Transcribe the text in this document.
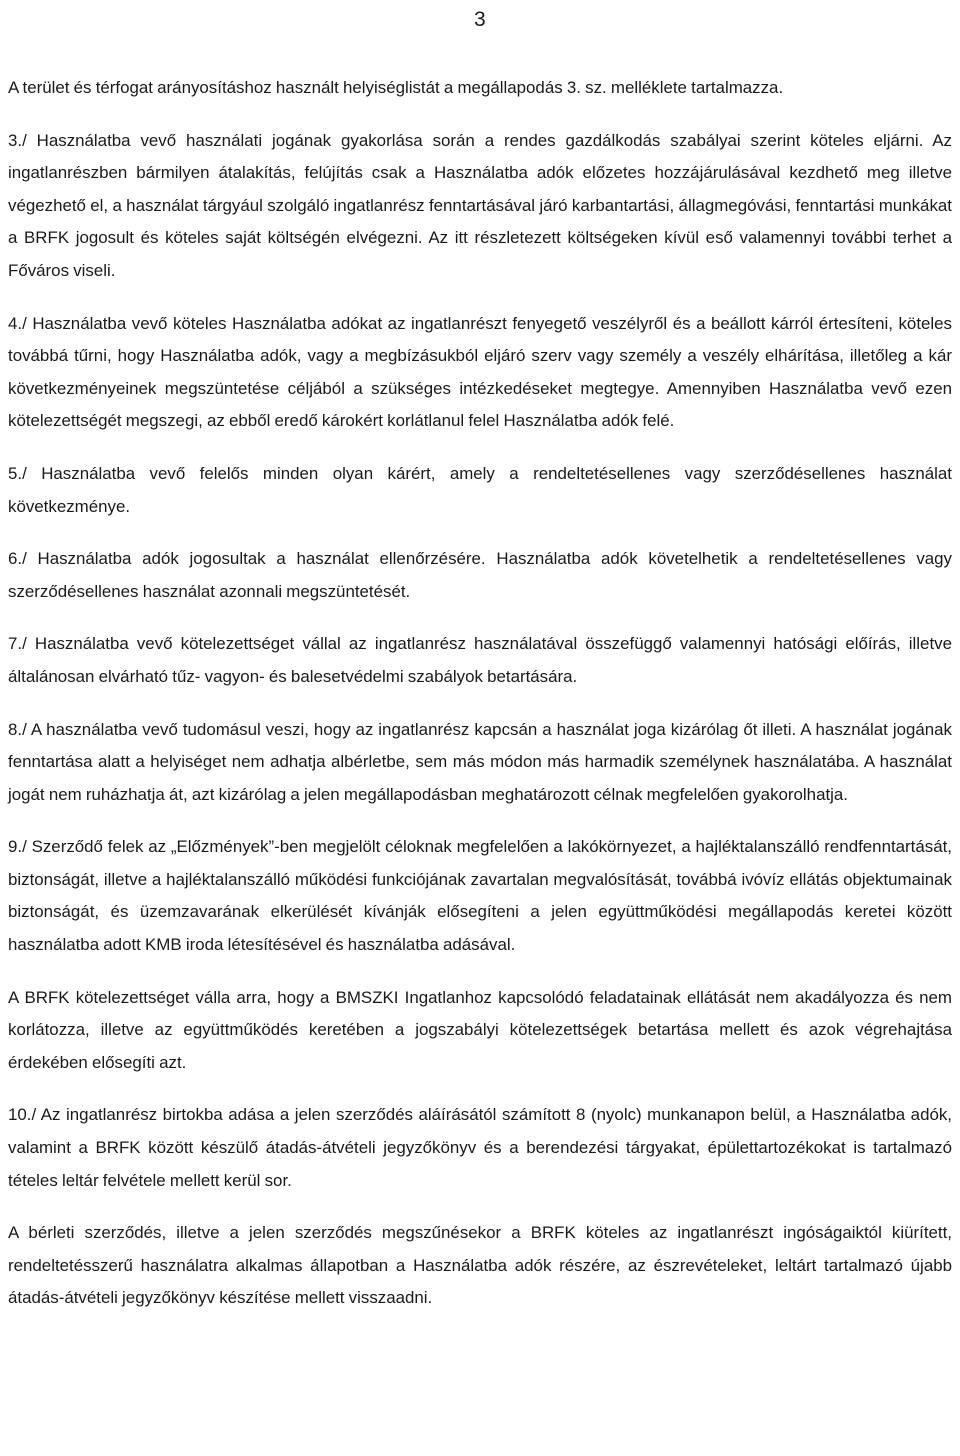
3

A terület és térfogat arányosításhoz használt helyiséglistát a megállapodás 3. sz. melléklete tartalmazza.

3./ Használatba vevő használati jogának gyakorlása során a rendes gazdálkodás szabályai szerint köteles eljárni. Az ingatlanrészben bármilyen átalakítás, felújítás csak a Használatba adók előzetes hozzájárulásával kezdhető meg illetve végezhető el, a használat tárgyául szolgáló ingatlanrész fenntartásával járó karbantartási, állagmegóvási, fenntartási munkákat a BRFK jogosult és köteles saját költségén elvégezni. Az itt részletezett költségeken kívül eső valamennyi további terhet a Főváros viseli.

4./ Használatba vevő köteles Használatba adókat az ingatlanrészt fenyegető veszélyről és a beállott kárról értesíteni, köteles továbbá tűrni, hogy Használatba adók, vagy a megbízásukból eljáró szerv vagy személy a veszély elhárítása, illetőleg a kár következményeinek megszüntetése céljából a szükséges intézkedéseket megtegye. Amennyiben Használatba vevő ezen kötelezettségét megszegi, az ebből eredő károkért korlátlanul felel Használatba adók felé.

5./ Használatba vevő felelős minden olyan kárért, amely a rendeltetésellenes vagy szerződésellenes használat következménye.

6./ Használatba adók jogosultak a használat ellenőrzésére. Használatba adók követelhetik a rendeltetésellenes vagy szerződésellenes használat azonnali megszüntetését.

7./ Használatba vevő kötelezettséget vállal az ingatlanrész használatával összefüggő valamennyi hatósági előírás, illetve általánosan elvárható tűz- vagyon- és balesetvédelmi szabályok betartására.

8./ A használatba vevő tudomásul veszi, hogy az ingatlanrész kapcsán a használat joga kizárólag őt illeti. A használat jogának fenntartása alatt a helyiséget nem adhatja albérletbe, sem más módon más harmadik személynek használatába. A használat jogát nem ruházhatja át, azt kizárólag a jelen megállapodásban meghatározott célnak megfelelően gyakorolhatja.

9./ Szerződő felek az „Előzmények”-ben megjelölt céloknak megfelelően a lakókörnyezet, a hajléktalanszálló rendfenntartását, biztonságát, illetve a hajléktalanszálló működési funkciójának zavartalan megvalósítását, továbbá ivóvíz ellátás objektumainak biztonságát, és üzemzavarának elkerülését kívánják elősegíteni a jelen együttműködési megállapodás keretei között használatba adott KMB iroda létesítésével és használatba adásával.

A BRFK kötelezettséget válla arra, hogy a BMSZKI Ingatlanhoz kapcsolódó feladatainak ellátását nem akadályozza és nem korlátozza, illetve az együttműködés keretében a jogszabályi kötelezettségek betartása mellett és azok végrehajtása érdekében elősegíti azt.

10./ Az ingatlanrész birtokba adása a jelen szerződés aláírásától számított 8 (nyolc) munkanapon belül, a Használatba adók, valamint a BRFK között készülő átadás-átvételi jegyzőkönyv és a berendezési tárgyakat, épülettartozékokat is tartalmazó tételes leltár felvétele mellett kerül sor.

A bérleti szerződés, illetve a jelen szerződés megszűnésekor a BRFK köteles az ingatlanrészt ingóságaiktól kiürített, rendeltetésszerű használatra alkalmas állapotban a Használatba adók részére, az észrevételeket, leltárt tartalmazó újabb átadás-átvételi jegyzőkönyv készítése mellett visszaadni.
